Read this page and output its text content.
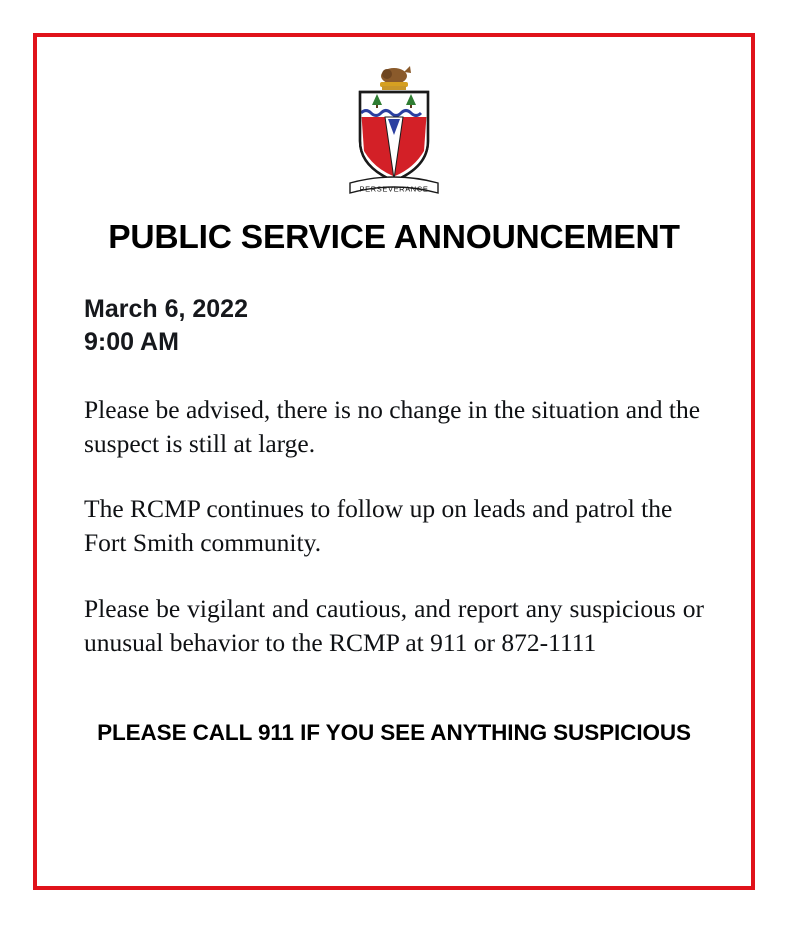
PERSEVERANCE
PUBLIC SERVICE ANNOUNCEMENT
March 6, 2022
9:00 AM

Please be advised, there is no change in the situation and the suspect is still at large.

The RCMP continues to follow up on leads and patrol the Fort Smith community.

Please be vigilant and cautious, and report any suspicious or unusual behavior to the RCMP at 911 or 872-1111

PLEASE CALL 911 IF YOU SEE ANYTHING SUSPICIOUS
